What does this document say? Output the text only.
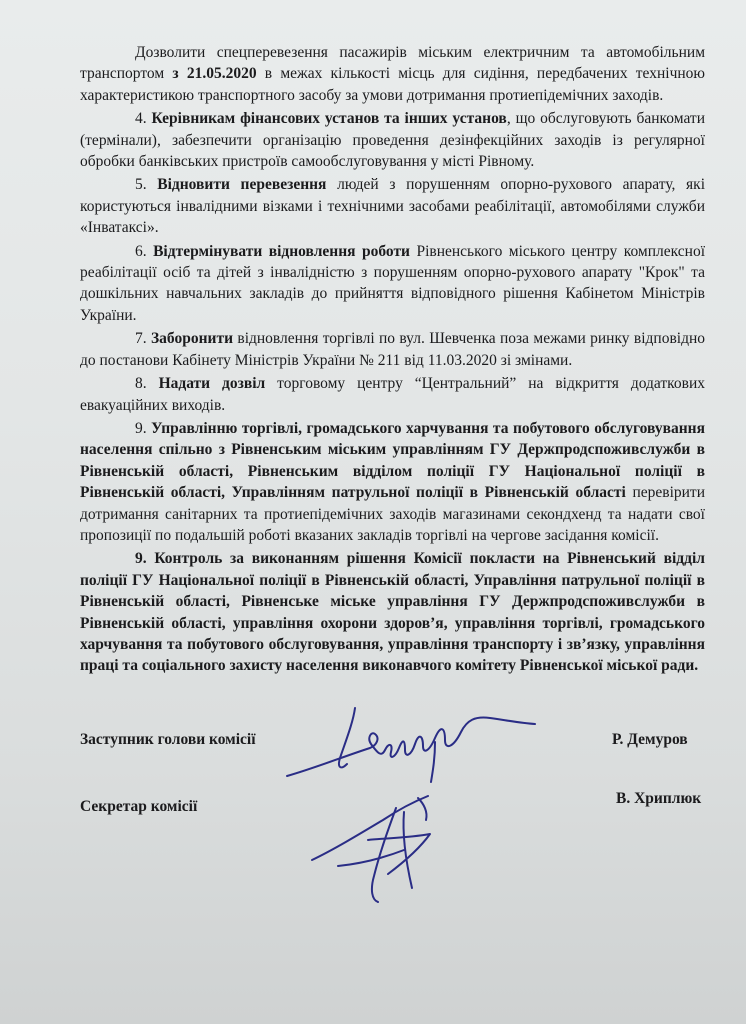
Дозволити спецперевезення пасажирів міським електричним та автомобільним транспортом з 21.05.2020 в межах кількості місць для сидіння, передбачених технічною характеристикою транспортного засобу за умови дотримання протиепідемічних заходів.

4. Керівникам фінансових установ та інших установ, що обслуговують банкомати (термінали), забезпечити організацію проведення дезінфекційних заходів із регулярної обробки банківських пристроїв самообслуговування у місті Рівному.

5. Відновити перевезення людей з порушенням опорно-рухового апарату, які користуються інвалідними візками і технічними засобами реабілітації, автомобілями служби «Інватаксі».

6. Відтермінувати відновлення роботи Рівненського міського центру комплексної реабілітації осіб та дітей з інвалідністю з порушенням опорно-рухового апарату "Крок" та дошкільних навчальних закладів до прийняття відповідного рішення Кабінетом Міністрів України.

7. Заборонити відновлення торгівлі по вул. Шевченка поза межами ринку відповідно до постанови Кабінету Міністрів України № 211 від 11.03.2020 зі змінами.

8. Надати дозвіл торговому центру “Центральний” на відкриття додаткових евакуаційних виходів.

9. Управлінню торгівлі, громадського харчування та побутового обслуговування населення спільно з Рівненським міським управлінням ГУ Держпродспоживслужби в Рівненській області, Рівненським відділом поліції ГУ Національної поліції в Рівненській області, Управлінням патрульної поліції в Рівненській області перевірити дотримання санітарних та протиепідемічних заходів магазинами секондхенд та надати свої пропозиції по подальшій роботі вказаних закладів торгівлі на чергове засідання комісії.

9. Контроль за виконанням рішення Комісії покласти на Рівненський відділ поліції ГУ Національної поліції в Рівненській області, Управління патрульної поліції в Рівненській області, Рівненське міське управління ГУ Держпродспоживслужби в Рівненській області, управління охорони здоров’я, управління торгівлі, громадського харчування та побутового обслуговування, управління транспорту і зв’язку, управління праці та соціального захисту населення виконавчого комітету Рівненської міської ради.

Заступник голови комісії	Р. Демуров
Секретар комісії	В. Хриплюк
